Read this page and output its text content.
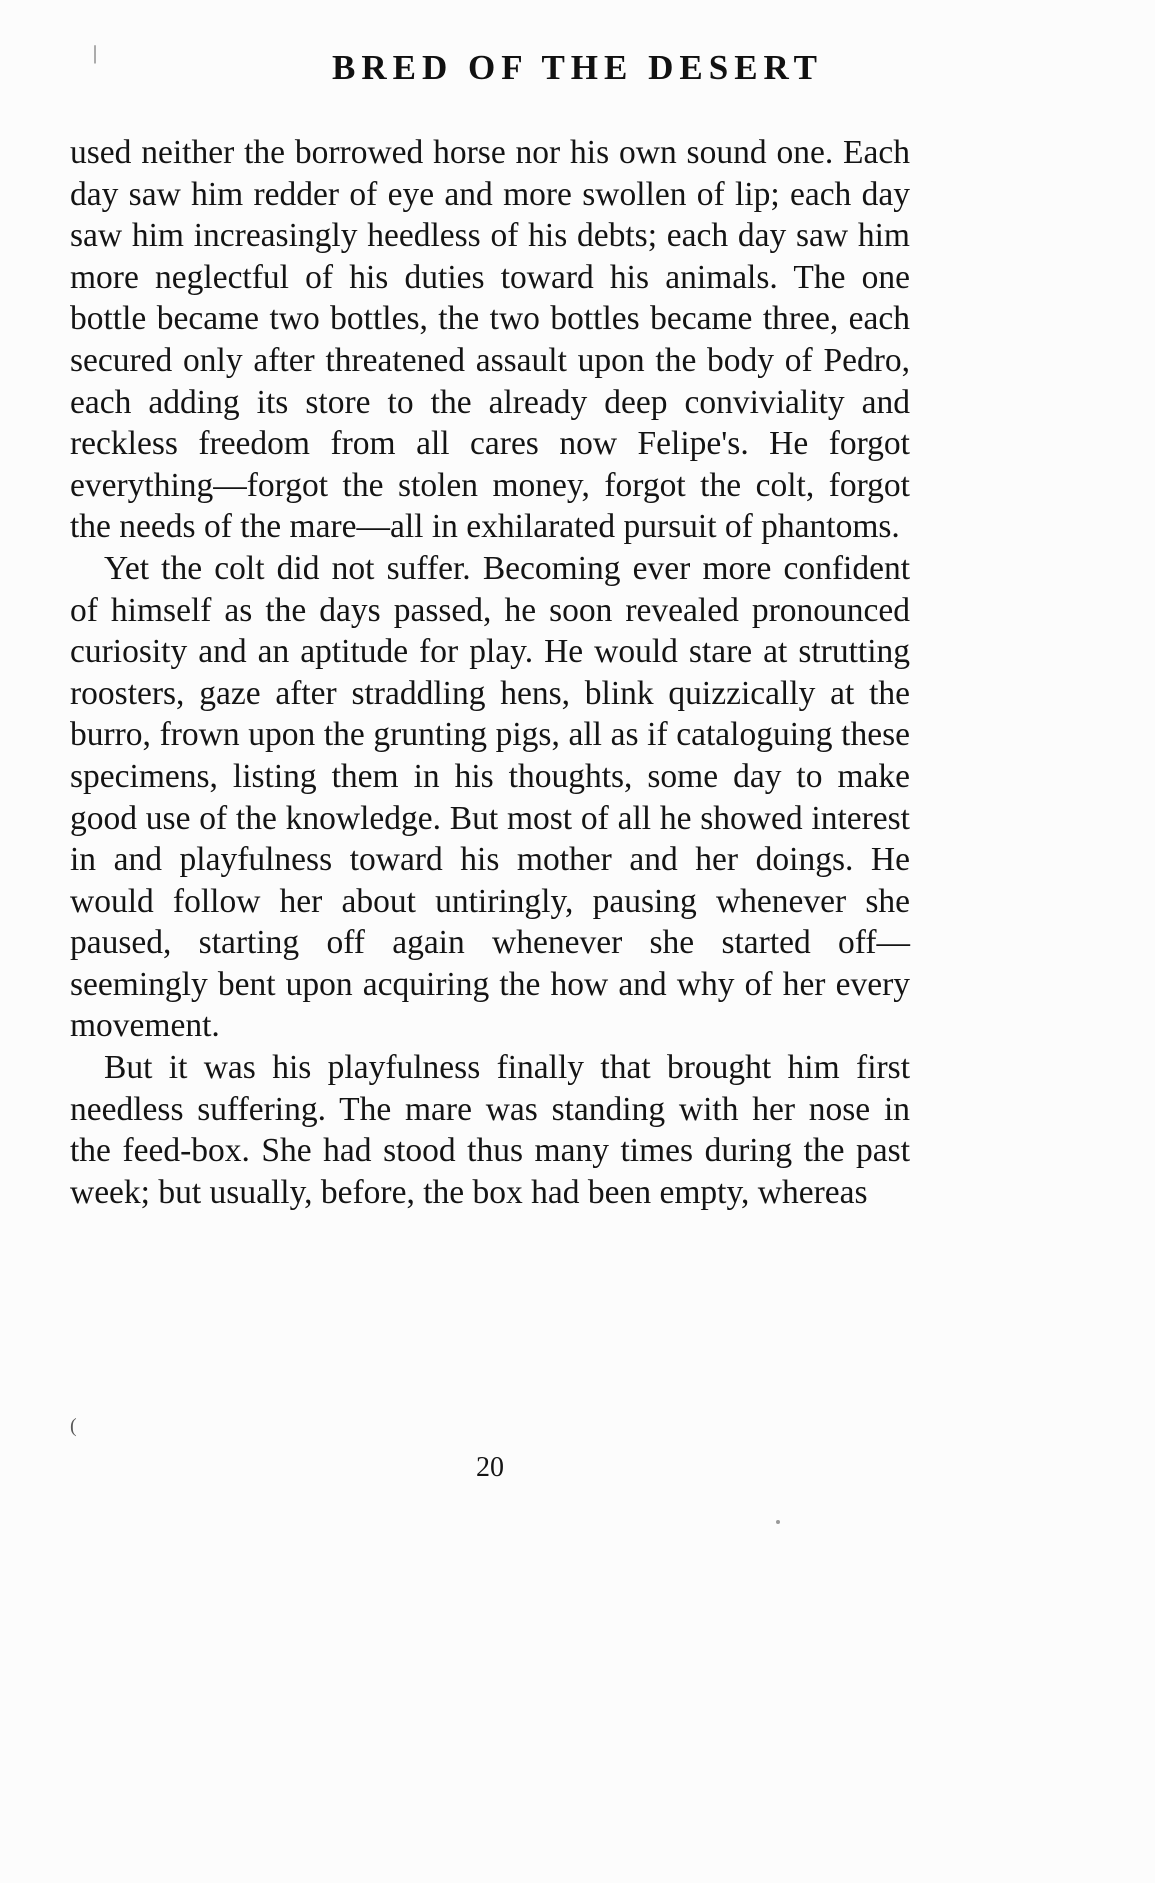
BRED OF THE DESERT

used neither the borrowed horse nor his own sound one. Each day saw him redder of eye and more swollen of lip; each day saw him increasingly heedless of his debts; each day saw him more neglectful of his duties toward his animals. The one bottle became two bottles, the two bottles became three, each secured only after threatened assault upon the body of Pedro, each adding its store to the already deep conviviality and reckless freedom from all cares now Felipe's. He forgot everything—forgot the stolen money, forgot the colt, forgot the needs of the mare—all in exhilarated pursuit of phantoms.

Yet the colt did not suffer. Becoming ever more confident of himself as the days passed, he soon revealed pronounced curiosity and an aptitude for play. He would stare at strutting roosters, gaze after straddling hens, blink quizzically at the burro, frown upon the grunting pigs, all as if cataloguing these specimens, listing them in his thoughts, some day to make good use of the knowledge. But most of all he showed interest in and playfulness toward his mother and her doings. He would follow her about untiringly, pausing whenever she paused, starting off again whenever she started off—seemingly bent upon acquiring the how and why of her every movement.

But it was his playfulness finally that brought him first needless suffering. The mare was standing with her nose in the feed-box. She had stood thus many times during the past week; but usually, before, the box had been empty, whereas

20
|
(
